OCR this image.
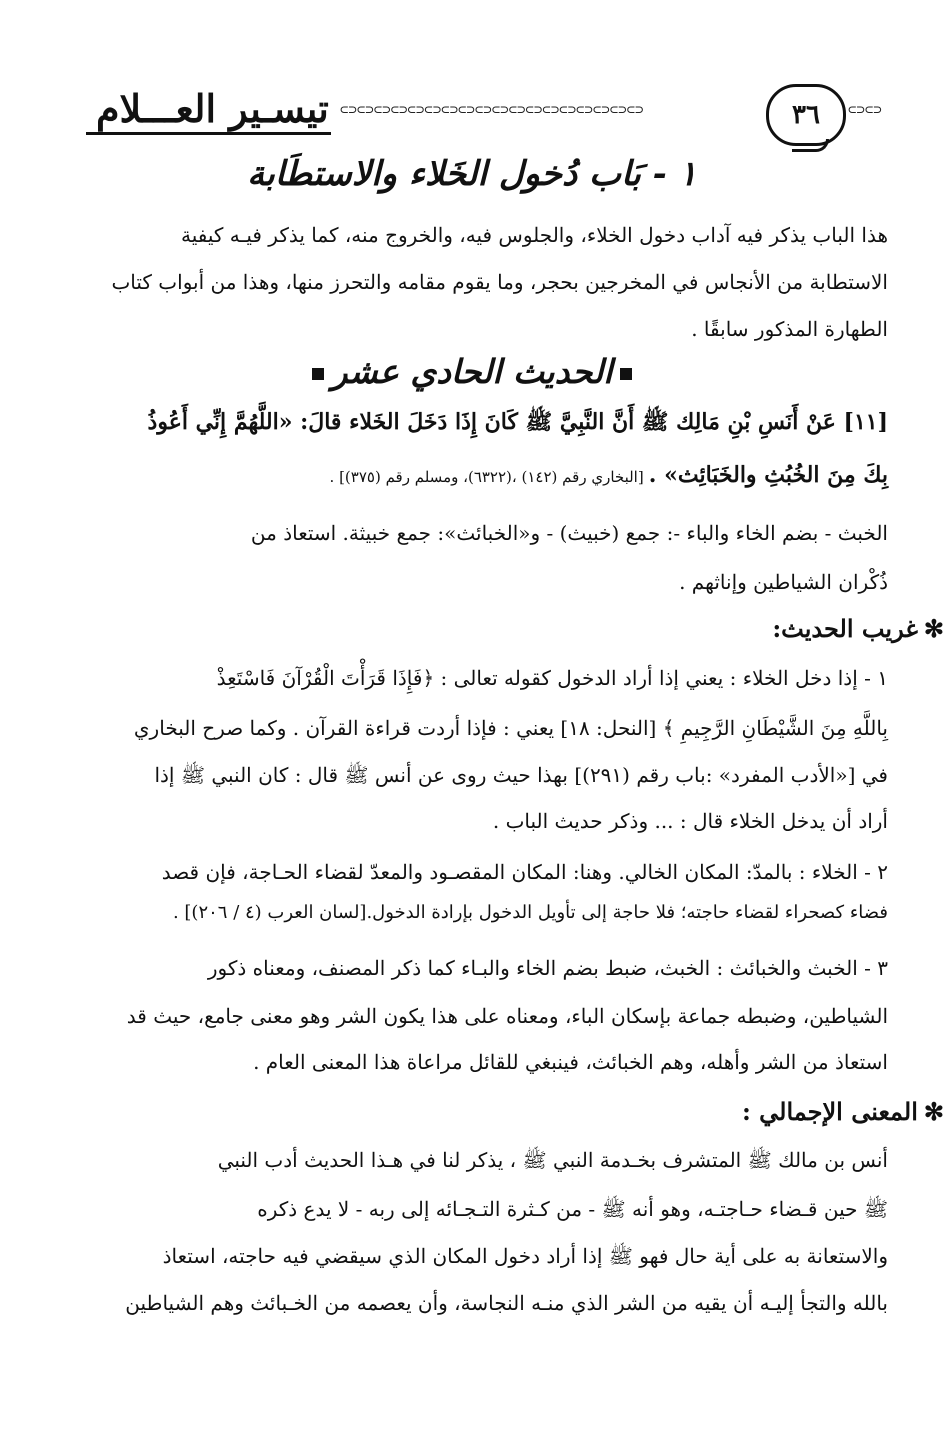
تيسـير العـــلام ⊂⊃⊂⊃⊂⊃⊂⊃⊂⊃⊂⊃⊂⊃⊂⊃⊂⊃⊂⊃⊂⊃⊂⊃⊂⊃⊂⊃⊂⊃⊂⊃⊂⊃⊂⊃	٣٦	⊂⊃⊂⊃
١ - بَاب دُخول الخَلاء والاستطَابة
هذا الباب يذكر فيه آداب دخول الخلاء، والجلوس فيه، والخروج منه، كما يذكر فيـه كيفية
الاستطابة من الأنجاس في المخرجين بحجر، وما يقوم مقامه والتحرز منها، وهذا من أبواب كتاب
الطهارة المذكور سابقًا .
الحديث الحادي عشر
[١١] عَنْ أَنَسِ بْنِ مَالِك ﷺ أَنَّ النَّبِيَّ ﷺ كَانَ إِذَا دَخَلَ الخَلاء قالَ: «اللَّهُمَّ إِنِّي أَعُوذُ
بِكَ مِنَ الخُبُثِ والخَبَائِث» . [البخاري رقم (١٤٢) ،(٦٣٢٢)، ومسلم رقم (٣٧٥)] .
الخبث - بضم الخاء والباء -: جمع (خبيث) - و«الخبائث»: جمع خبيثة. استعاذ من
ذُكْران الشياطين وإناثهم .
✻غريب الحديث:
١ - إذا دخل الخلاء : يعني إذا أراد الدخول كقوله تعالى : ﴿فَإِذَا قَرَأْتَ الْقُرْآنَ فَاسْتَعِذْ
بِاللَّهِ مِنَ الشَّيْطَانِ الرَّجِيمِ ﴾ [النحل: ١٨] يعني : فإذا أردت قراءة القرآن . وكما صرح البخاري
في [«الأدب المفرد» :باب رقم (٢٩١)] بهذا حيث روى عن أنس ﷺ قال : كان النبي ﷺ إذا
أراد أن يدخل الخلاء قال : ... وذكر حديث الباب .
٢ - الخلاء : بالمدّ: المكان الخالي. وهنا: المكان المقصـود والمعدّ لقضاء الحـاجة، فإن قصد
فضاء كصحراء لقضاء حاجته؛ فلا حاجة إلى تأويل الدخول بإرادة الدخول.[لسان العرب (٤ / ٢٠٦)] .
٣ - الخبث والخبائث : الخبث، ضبط بضم الخاء والبـاء كما ذكر المصنف، ومعناه ذكور
الشياطين، وضبطه جماعة بإسكان الباء، ومعناه على هذا يكون الشر وهو معنى جامع، حيث قد
استعاذ من الشر وأهله، وهم الخبائث، فينبغي للقائل مراعاة هذا المعنى العام .
✻المعنى الإجمالي :
أنس بن مالك ﷺ المتشرف بخـدمة النبي ﷺ ، يذكر لنا في هـذا الحديث أدب النبي
ﷺ حين قـضاء حـاجتـه، وهو أنه ﷺ - من كـثرة التـجـائه إلى ربه - لا يدع ذكره
والاستعانة به على أية حال فهو ﷺ إذا أراد دخول المكان الذي سيقضي فيه حاجته، استعاذ
بالله والتجأ إليـه أن يقيه من الشر الذي منـه النجاسة، وأن يعصمه من الخـبائث وهم الشياطين
